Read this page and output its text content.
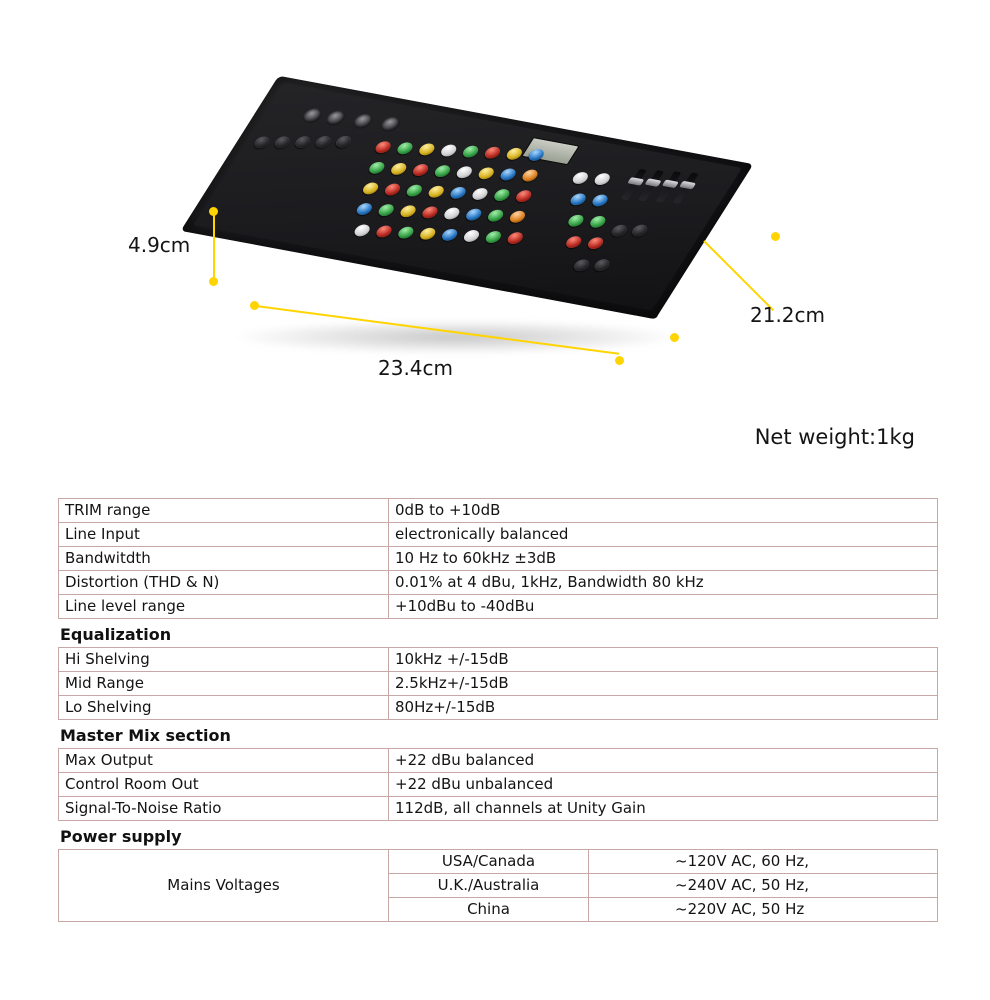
4.9cm
23.4cm
21.2cm
Net weight:1kg
TRIM range	0dB to +10dB
Line Input	electronically balanced
Bandwitdth	10 Hz to 60kHz ±3dB
Distortion (THD & N)	0.01% at 4 dBu, 1kHz, Bandwidth 80 kHz
Line level range	+10dBu to -40dBu
Equalization
Hi Shelving	10kHz +/-15dB
Mid Range	2.5kHz+/-15dB
Lo Shelving	80Hz+/-15dB
Master Mix section
Max Output	+22 dBu balanced
Control Room Out	+22 dBu unbalanced
Signal-To-Noise Ratio	112dB, all channels at Unity Gain
Power supply
Mains Voltages	USA/Canada	~120V AC, 60 Hz,
	U.K./Australia	~240V AC, 50 Hz,
	China	~220V AC, 50 Hz
